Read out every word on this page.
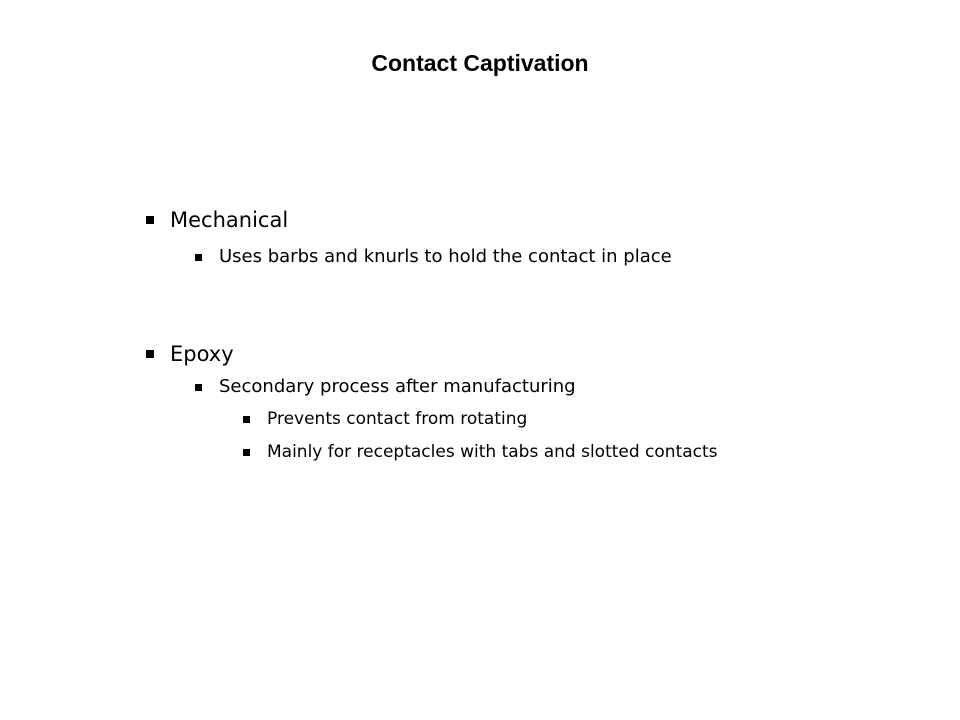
Contact Captivation
Mechanical
Uses barbs and knurls to hold the contact in place
Epoxy
Secondary process after manufacturing
Prevents contact from rotating
Mainly for receptacles with tabs and slotted contacts
